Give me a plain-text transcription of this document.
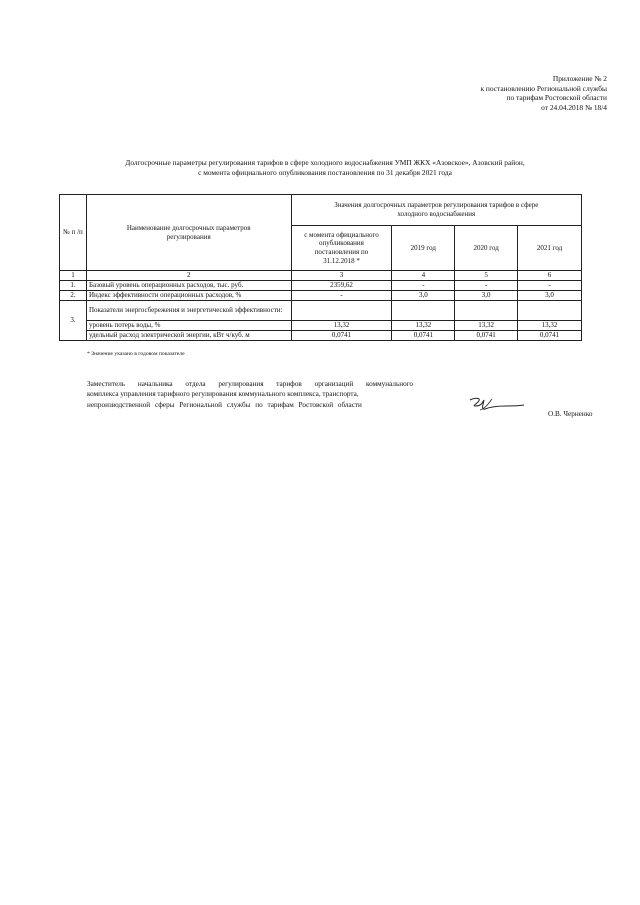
Приложение № 2
к постановлению Региональной службы
по тарифам Ростовской области
от 24.04.2018 № 18/4
Долгосрочные параметры регулирования тарифов в сфере холодного водоснабжения УМП ЖКХ «Азовское», Азовский район,
с момента официального опубликования постановления по 31 декабря 2021 года
№ п /п	Наименование долгосрочных параметров регулирования	Значения долгосрочных параметров регулирования тарифов в сфере холодного водоснабжения			
		с момента официального опубликования постановления по 31.12.2018 *	2019 год	2020 год	2021 год
1	2	3	4	5	6
1.	Базовый уровень операционных расходов, тыс. руб.	2359,62	-	-	-
2.	Индекс эффективности операционных расходов, %	-	3,0	3,0	3,0
3.	Показатели энергосбережения и энергетической эффективности:				
	уровень потерь воды, %	13,32	13,32	13,32	13,32
	удельный расход электрической энергии, кВт ч/куб. м	0,0741	0,0741	0,0741	0,0741
* Значение указано в годовом показателе
Заместитель начальника отдела регулирования тарифов организаций коммунального
комплекса управления тарифного регулирования коммунального комплекса, транспорта,
непроизводственной сферы Региональной службы по тарифам Ростовской области
О.В. Черненко
